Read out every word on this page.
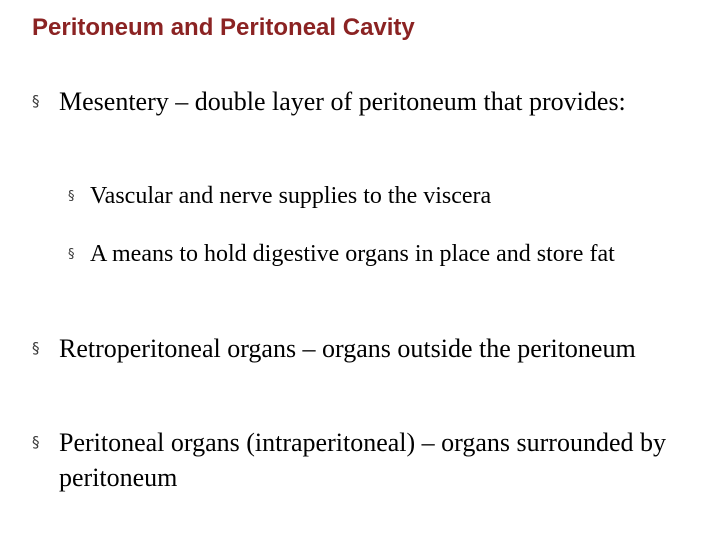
Peritoneum and Peritoneal Cavity
§ Mesentery – double layer of peritoneum that provides:
§ Vascular and nerve supplies to the viscera
§ A means to hold digestive organs in place and store fat
§ Retroperitoneal organs – organs outside the peritoneum
§ Peritoneal organs (intraperitoneal) – organs surrounded by peritoneum
